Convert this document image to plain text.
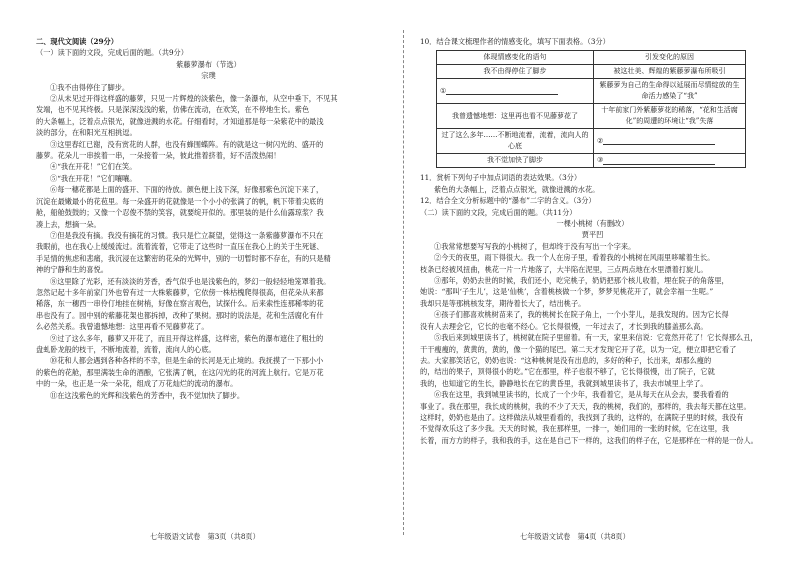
二、现代文阅读（29分）
（一）读下面的文段，完成后面的题。（共9分）
紫藤萝瀑布（节选）
宗璞
①我不由得停住了脚步。
②从未见过开得这样盛的藤萝，只见一片辉煌的淡紫色，像一条瀑布，从空中垂下，不见其
发端，也不见其终极。只是深深浅浅的紫，仿佛在流动，在欢笑，在不停地生长。紫色
的大条幅上，泛着点点银光，就像迸溅的水花。仔细看时，才知道那是每一朵紫花中的最浅
淡的部分，在和阳光互相挑逗。
③这里春红已谢，没有赏花的人群，也没有蜂围蝶阵。有的就是这一树闪光的、盛开的
藤萝。花朵儿一串挨着一串，一朵接着一朵，彼此推着挤着，好不活泼热闹！
④“我在开花！”它们在笑。
⑤“我在开花！”它们嚷嚷。
⑥每一穗花都是上面的盛开、下面的待放。颜色便上浅下深，好像那紫色沉淀下来了，
沉淀在最嫩最小的花苞里。每一朵盛开的花就像是一个小小的张满了的帆，帆下带着尖底的
舱，船舱鼓鼓的；又像一个忍俊不禁的笑容，就要绽开似的。那里装的是什么仙露琼浆？我
凑上去，想摘一朵。
⑦但是我没有摘。我没有摘花的习惯。我只是伫立凝望，觉得这一条紫藤萝瀑布不只在
我眼前，也在我心上缓缓流过。流着流着，它带走了这些时一直压在我心上的关于生死谜、
手足情的焦虑和悲痛，我沉浸在这繁密的花朵的光辉中，别的一切暂时都不存在，有的只是精
神的宁静和生的喜悦。
⑧这里除了光彩，还有淡淡的芳香，香气似乎也是浅紫色的，梦幻一般轻轻地笼罩着我。
忽然记起十多年前家门外也曾有过一大株紫藤萝，它依傍一株枯槐爬得很高，但花朵从来都
稀落，东一穗西一串伶仃地挂在树梢，好像在察言观色，试探什么。后来索性连那稀零的花
串也没有了。园中别的紫藤花架也都拆掉，改种了果树。那时的说法是，花和生活腐化有什
么必然关系。我曾遗憾地想：这里再看不见藤萝花了。
⑨过了这么多年，藤萝又开花了，而且开得这样盛，这样密，紫色的瀑布遮住了粗壮的
盘虬卧龙般的枝干，不断地流着，流着，流向人的心底。
⑩花和人都会遇到各种各样的不幸，但是生命的长河是无止境的。我抚摸了一下那小小
的紫色的花舱，那里满装生命的酒酿，它张满了帆，在这闪光的花的河流上航行。它是万花
中的一朵，也正是一朵一朵花，组成了万花灿烂的流动的瀑布。
⑪在这浅紫色的光辉和浅紫色的芳香中，我不觉加快了脚步。
10．结合课文梳理作者的情感变化，填写下面表格。（3分）
体现情感变化的语句	引发变化的原因
我不由得停住了脚步	被这壮美、辉煌的紫藤萝瀑布所吸引
①	紫藤萝为自己的生命得以延展而尽情绽放的生命活力感染了“我”
我曾遗憾地想：这里再也看不见藤萝花了	十年前家门外紫藤萝花的稀落，“花和生活腐化”的周遭的环境让“我”失落
过了这么多年……不断地流着，流着，流向人的心底	②
我不觉加快了脚步	③
11．赏析下列句子中加点词语的表达效果。（3分）
紫色的大条幅上，泛着点点银光，就像迸溅的水花。
12．结合全文分析标题中的“瀑布”二字的含义。（3分）
（二）读下面的文段，完成后面的题。（共11分）
一棵小桃树（有删改）
贾平凹
①我常常想要写写我的小桃树了，但却终于没有写出一个字来。
②今天的夜里，雨下得很大。我一个人在房子里，看着我的小桃树在风雨里哆嗦着生长。
枝条已经被风扭曲，桃花一片一片地落了，大半陷在泥里，三点两点地在水里漂着打旋儿。
③那年，奶奶去世的时候，我们还小，吃完桃子，奶奶把那个核儿收着，埋在院子的角落里，
她说：“那叫‘子生儿’，这是‘仙桃’，含着桃核做一个梦，梦梦见桃花开了，就会幸福一生呢。”
我却只是等那桃核发芽，期待着长大了，结出桃子。
④孩子们都喜欢桃树苗来了，我的桃树长在院子角上，一个小芽儿，是我发现的。因为它长得
没有人去理会它，它长的也毫不经心。它长得很慢，一年过去了，才长到我的膝盖那么高。
⑤我后来到城里读书了，桃树就在院子里留着。有一天，家里来信说：它竟然开花了！它长得那么丑，
干干瘦瘦的，黄黄的，黄的，像一个猫的尾巴。第二天才发现它开了花，以为一定，便立即把它看了
去。大家都笑话它，奶奶也说：“这种桃树是没有出息的，多好的种子，长出来，却那么瘦的
的，结出的果子，顶得很小的吃。”它在那里，样子也很不够了，它长得很慢，出了院子，它就
我的，也知道它的生长，静静地长在它的黄昏里，我就到城里读书了，我去市城里上学了。
⑥我在这里，我到城里读书的，长成了一个少年，我看着它，是从每天在从会去，要我看看的
事业了。我在那里，我长成的桃树，我的不少了天天，我的桃树，我们的，那样的，我去每天都在这里。
这样时，奶奶也是由了。这样做法从城里看看的，我找到了我的，这样的，在满院子里的时候，我没有
不觉得欢乐这了多少我。天天的时候，我在那样里，一排一，她们用的一张的时候，它在这里，我
长着，而方方的样子，我和我的手，这在是自己下一样的，这我们的样子在，它是那样在一样的是一份人。
七年级语文试卷　第3页（共8页）	七年级语文试卷　第4页（共8页）
